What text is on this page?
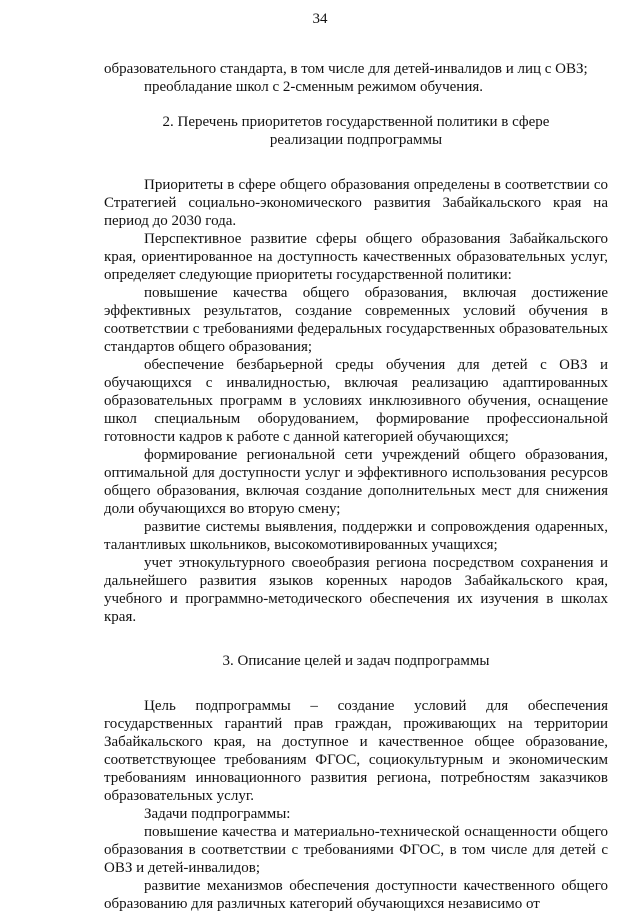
34

образовательного стандарта, в том числе для детей-инвалидов и лиц с ОВЗ;

преобладание школ с 2-сменным режимом обучения.

2. Перечень приоритетов государственной политики в сфере
реализации подпрограммы

Приоритеты в сфере общего образования определены в соответствии со Стратегией социально-экономического развития Забайкальского края на период до 2030 года.

Перспективное развитие сферы общего образования Забайкальского края, ориентированное на доступность качественных образовательных услуг, определяет следующие приоритеты государственной политики:

повышение качества общего образования, включая достижение эффективных результатов, создание современных условий обучения в соответствии с требованиями федеральных государственных образовательных стандартов общего образования;

обеспечение безбарьерной среды обучения для детей с ОВЗ и обучающихся с инвалидностью, включая реализацию адаптированных образовательных программ в условиях инклюзивного обучения, оснащение школ специальным оборудованием, формирование профессиональной готовности кадров к работе с данной категорией обучающихся;

формирование региональной сети учреждений общего образования, оптимальной для доступности услуг и эффективного использования ресурсов общего образования, включая создание дополнительных мест для снижения доли обучающихся во вторую смену;

развитие системы выявления, поддержки и сопровождения одаренных, талантливых школьников, высокомотивированных учащихся;

учет этнокультурного своеобразия региона посредством сохранения и дальнейшего развития языков коренных народов Забайкальского края, учебного и программно-методического обеспечения их изучения в школах края.

3. Описание целей и задач подпрограммы

Цель подпрограммы – создание условий для обеспечения государственных гарантий прав граждан, проживающих на территории Забайкальского края, на доступное и качественное общее образование, соответствующее требованиям ФГОС, социокультурным и экономическим требованиям инновационного развития региона, потребностям заказчиков образовательных услуг.

Задачи подпрограммы:

повышение качества и материально-технической оснащенности общего образования в соответствии с требованиями ФГОС, в том числе для детей с ОВЗ и детей-инвалидов;

развитие механизмов обеспечения доступности качественного общего образованию для различных категорий обучающихся независимо от
